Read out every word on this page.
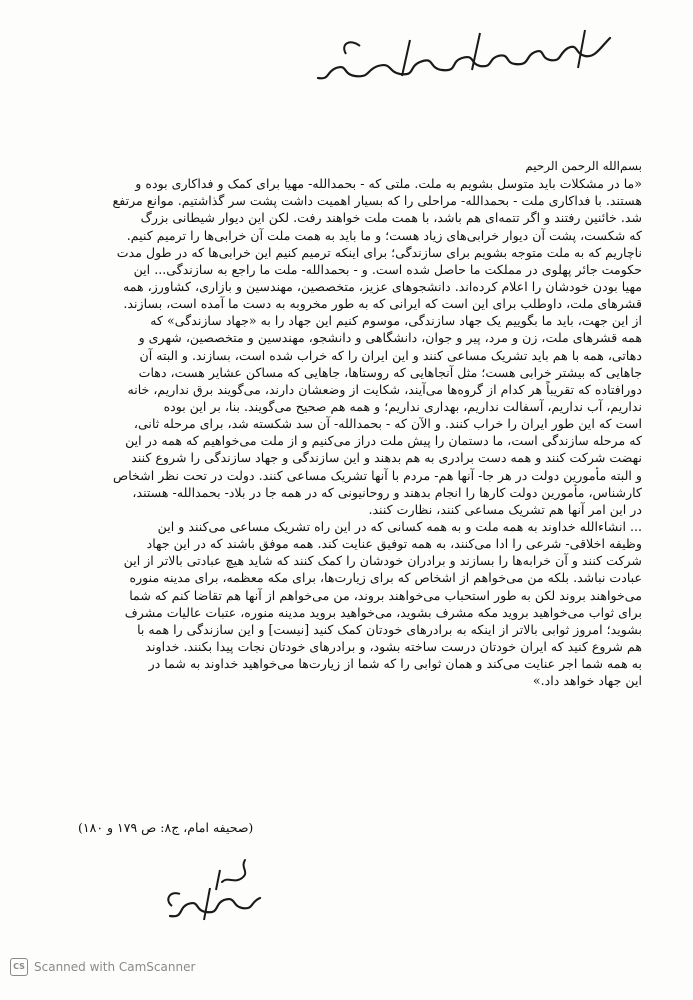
بسم‌الله الرحمن الرحيم
«ما در مشکلات باید متوسل بشویم به ملت. ملتی که - بحمدالله- مهیا برای کمک و فداکاری بوده و
هستند. با فداکاری ملت - بحمدالله- مراحلی را که بسیار اهمیت داشت پشت سر گذاشتیم. موانع مرتفع
شد. خائنین رفتند و اگر تتمه‌ای هم باشد، با همت ملت خواهند رفت. لکن این دیوار شیطانی بزرگ
که شکست، پشت آن دیوار خرابی‌های زیاد هست؛ و ما باید به همت ملت آن خرابی‌ها را ترمیم کنیم.
ناچاریم که به ملت متوجه بشویم برای سازندگی؛ برای اینکه ترمیم کنیم این خرابی‌ها که در طول مدت
حکومت جائر پهلوی در مملکت ما حاصل شده است. و - بحمدالله- ملت ما راجع به سازندگی... این
مهیا بودن خودشان را اعلام کرده‌اند. دانشجوهای عزیز، متخصصین، مهندسین و بازاری، کشاورز، همه
قشرهای ملت، داوطلب برای این است که ایرانی که به طور مخروبه به دست ما آمده است، بسازند.
از این جهت، باید ما بگوییم یک جهاد سازندگی، موسوم کنیم این جهاد را به «جهاد سازندگی» که
همه قشرهای ملت، زن و مرد، پیر و جوان، دانشگاهی و دانشجو، مهندسین و متخصصین، شهری و
دهاتی، همه با هم باید تشریک مساعی کنند و این ایران را که خراب شده است، بسازند. و البته آن
جاهایی که بیشتر خرابی هست؛ مثل آنجاهایی که روستاها، جاهایی که مساکن عشایر هست، دهات
دورافتاده که تقریباً هر کدام از گروه‌ها می‌آیند، شکایت از وضعشان دارند، می‌گویند برق نداریم، خانه
نداریم، آب نداریم، آسفالت نداریم، بهداری نداریم؛ و همه هم صحیح می‌گویند. بنا، بر این بوده
است که این طور ایران را خراب کنند. و الآن که - بحمدالله- آن سد شکسته شد، برای مرحله ثانی،
که مرحله سازندگی است، ما دستمان را پیش ملت دراز می‌کنیم و از ملت می‌خواهیم که همه در این
نهضت شرکت کنند و همه دست برادری به هم بدهند و این سازندگی و جهاد سازندگی را شروع کنند
و البته مأمورین دولت در هر جا- آنها هم- مردم با آنها تشریک مساعی کنند. دولت در تحت نظر اشخاص
کارشناس، مأمورین دولت کارها را انجام بدهند و روحانیونی که در همه جا در بلاد- بحمدالله- هستند،
در این امر آنها هم تشریک مساعی کنند، نظارت کنند.
... انشاءالله خداوند به همه ملت و به همه کسانی که در این راه تشریک مساعی می‌کنند و این
وظیفه اخلاقی- شرعی را ادا می‌کنند، به همه توفیق عنایت کند. همه موفق باشند که در این جهاد
شرکت کنند و آن خرابه‌ها را بسازند و برادران خودشان را کمک کنند که شاید هیچ عبادتی بالاتر از این
عبادت نباشد. بلکه من می‌خواهم از اشخاص که برای زیارت‌ها، برای مکه معظمه، برای مدینه منوره
می‌خواهند بروند لکن به طور استحباب می‌خواهند بروند، من می‌خواهم از آنها هم تقاضا کنم که شما
برای ثواب می‌خواهید بروید مکه مشرف بشوید، می‌خواهید بروید مدینه منوره، عتبات عالیات مشرف
بشوید؛ امروز ثوابی بالاتر از اینکه به برادرهای خودتان کمک کنید [نیست] و این سازندگی را همه با
هم شروع کنید که ایران خودتان درست ساخته بشود، و برادرهای خودتان نجات پیدا بکنند. خداوند
به همه شما اجر عنایت می‌کند و همان ثوابی را که شما از زیارت‌ها می‌خواهید خداوند به شما در
این جهاد خواهد داد.»
(صحیفه امام، ج۸: ص ۱۷۹ و ۱۸۰)
CS Scanned with CamScanner
